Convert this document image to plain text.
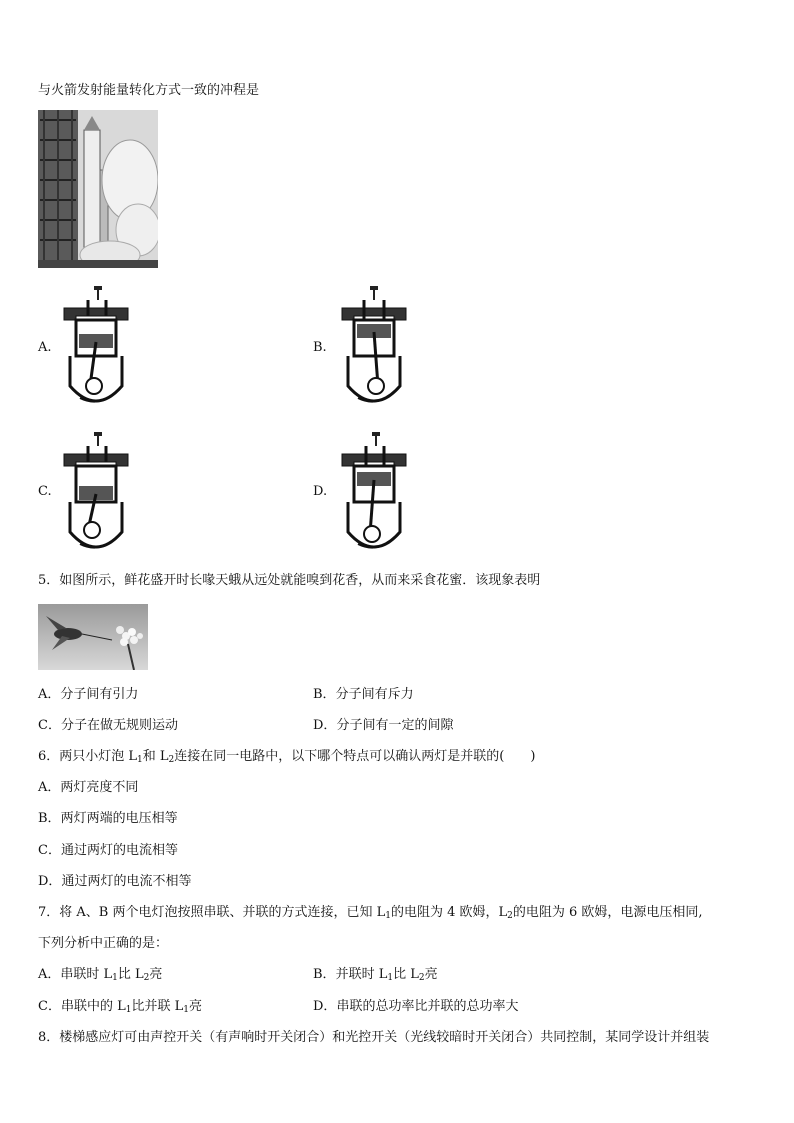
与火箭发射能量转化方式一致的冲程是
A.	B.
C.	D.
5．如图所示，鲜花盛开时长喙天蛾从远处就能嗅到花香，从而来采食花蜜．该现象表明
A．分子间有引力	B．分子间有斥力
C．分子在做无规则运动	D．分子间有一定的间隙
6．两只小灯泡 $L_1$和 $L_2$连接在同一电路中，以下哪个特点可以确认两灯是并联的(　　)
A．两灯亮度不同
B．两灯两端的电压相等
C．通过两灯的电流相等
D．通过两灯的电流不相等
7．将 A、B 两个电灯泡按照串联、并联的方式连接，已知 $L_1$的电阻为 4 欧姆，$L_2$的电阻为 6 欧姆，电源电压相同,
下列分析中正确的是：
A．串联时 $L_1$比 $L_2$亮	B．并联时 $L_1$比 $L_2$亮
C．串联中的 $L_1$比并联 $L_1$亮	D．串联的总功率比并联的总功率大
8．楼梯感应灯可由声控开关（有声响时开关闭合）和光控开关（光线较暗时开关闭合）共同控制，某同学设计并组装
